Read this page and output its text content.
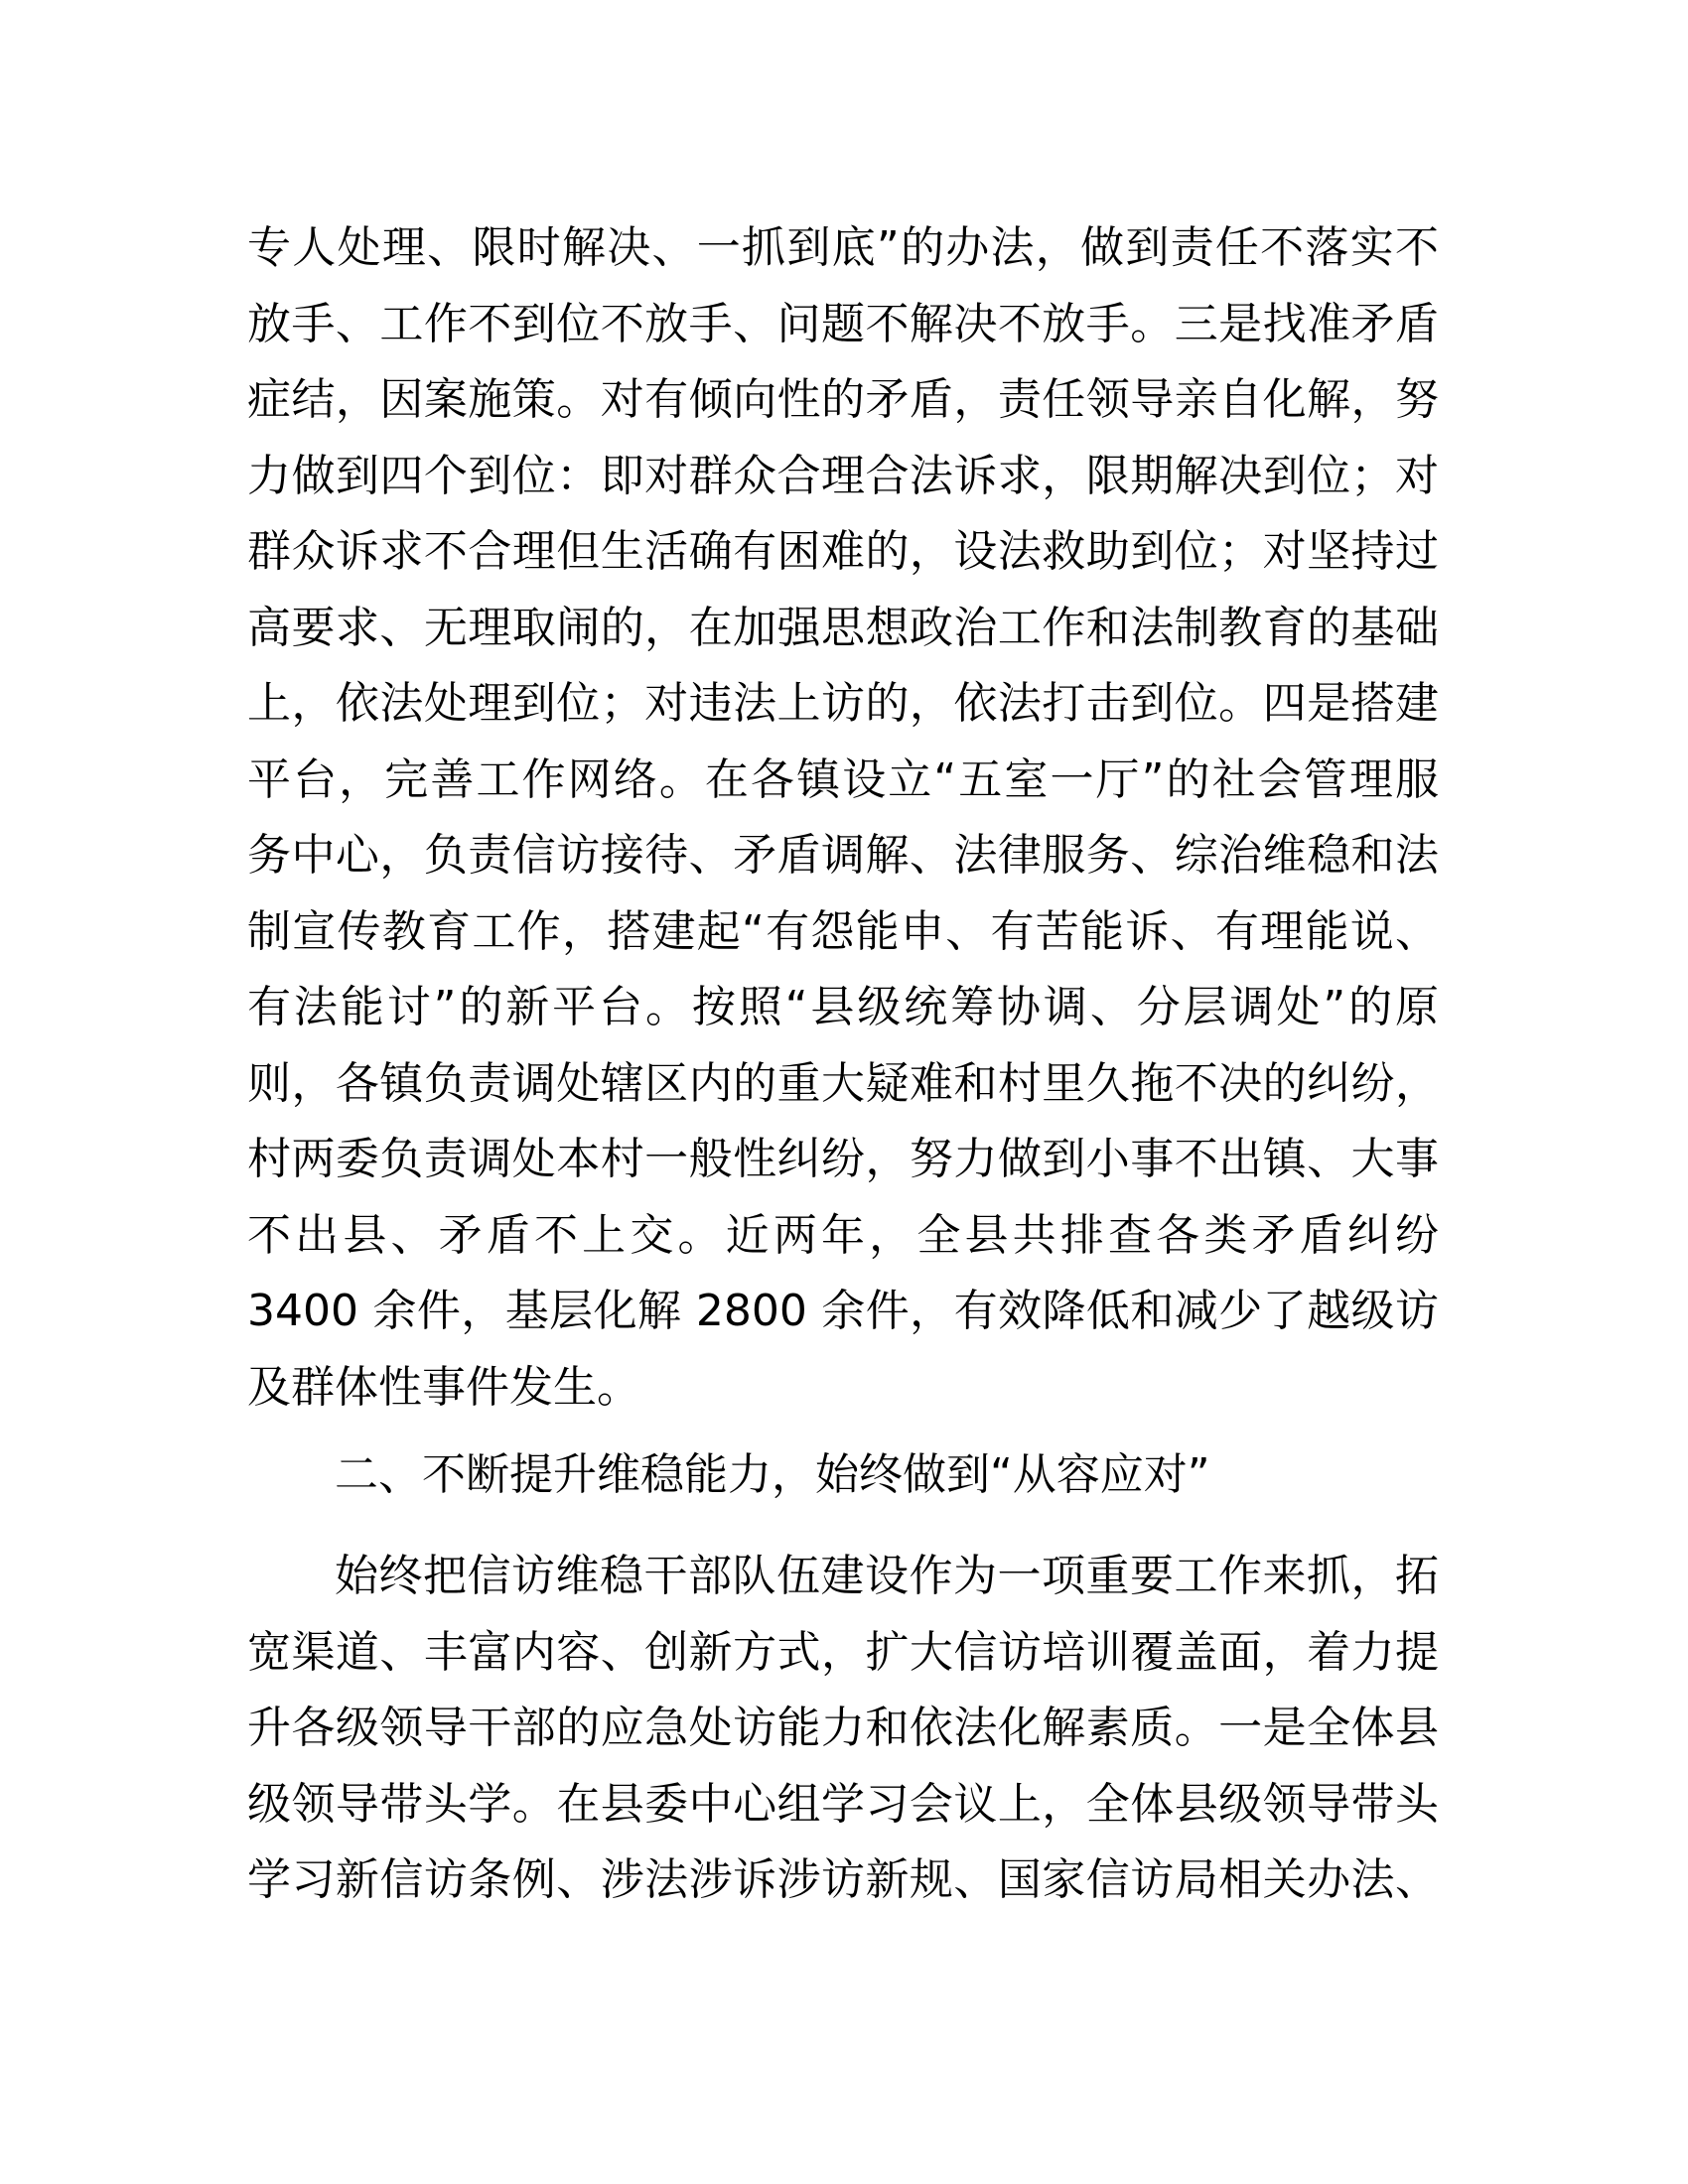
专人处理、限时解决、一抓到底”的办法，做到责任不落实不
放手、工作不到位不放手、问题不解决不放手。三是找准矛盾
症结，因案施策。对有倾向性的矛盾，责任领导亲自化解，努
力做到四个到位：即对群众合理合法诉求，限期解决到位；对
群众诉求不合理但生活确有困难的，设法救助到位；对坚持过
高要求、无理取闹的，在加强思想政治工作和法制教育的基础
上，依法处理到位；对违法上访的，依法打击到位。四是搭建
平台，完善工作网络。在各镇设立“五室一厅”的社会管理服
务中心，负责信访接待、矛盾调解、法律服务、综治维稳和法
制宣传教育工作，搭建起“有怨能申、有苦能诉、有理能说、
有法能讨”的新平台。按照“县级统筹协调、分层调处”的原
则，各镇负责调处辖区内的重大疑难和村里久拖不决的纠纷，
村两委负责调处本村一般性纠纷，努力做到小事不出镇、大事
不出县、矛盾不上交。近两年，全县共排查各类矛盾纠纷
3400 余件，基层化解 2800 余件，有效降低和减少了越级访
及群体性事件发生。
二、不断提升维稳能力，始终做到“从容应对”
始终把信访维稳干部队伍建设作为一项重要工作来抓，拓
宽渠道、丰富内容、创新方式，扩大信访培训覆盖面，着力提
升各级领导干部的应急处访能力和依法化解素质。一是全体县
级领导带头学。在县委中心组学习会议上，全体县级领导带头
学习新信访条例、涉法涉诉涉访新规、国家信访局相关办法、
